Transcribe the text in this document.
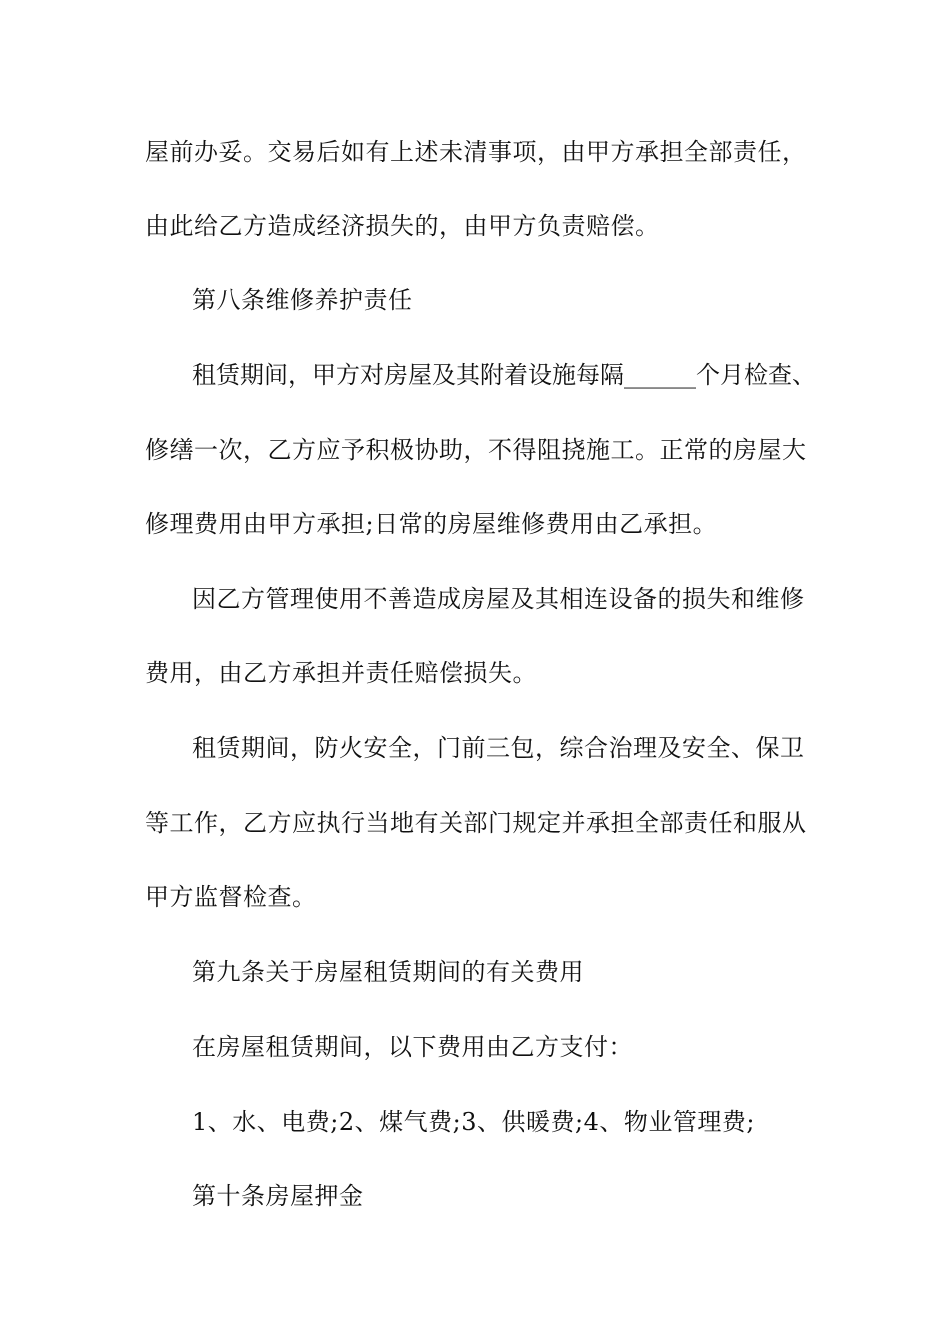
屋前办妥。交易后如有上述未清事项，由甲方承担全部责任，

由此给乙方造成经济损失的，由甲方负责赔偿。

第八条维修养护责任

租赁期间，甲方对房屋及其附着设施每隔______个月检查、

修缮一次，乙方应予积极协助，不得阻挠施工。正常的房屋大

修理费用由甲方承担;日常的房屋维修费用由乙承担。

因乙方管理使用不善造成房屋及其相连设备的损失和维修

费用，由乙方承担并责任赔偿损失。

租赁期间，防火安全，门前三包，综合治理及安全、保卫

等工作，乙方应执行当地有关部门规定并承担全部责任和服从

甲方监督检查。

第九条关于房屋租赁期间的有关费用

在房屋租赁期间，以下费用由乙方支付：

1、水、电费;2、煤气费;3、供暖费;4、物业管理费;

第十条房屋押金
